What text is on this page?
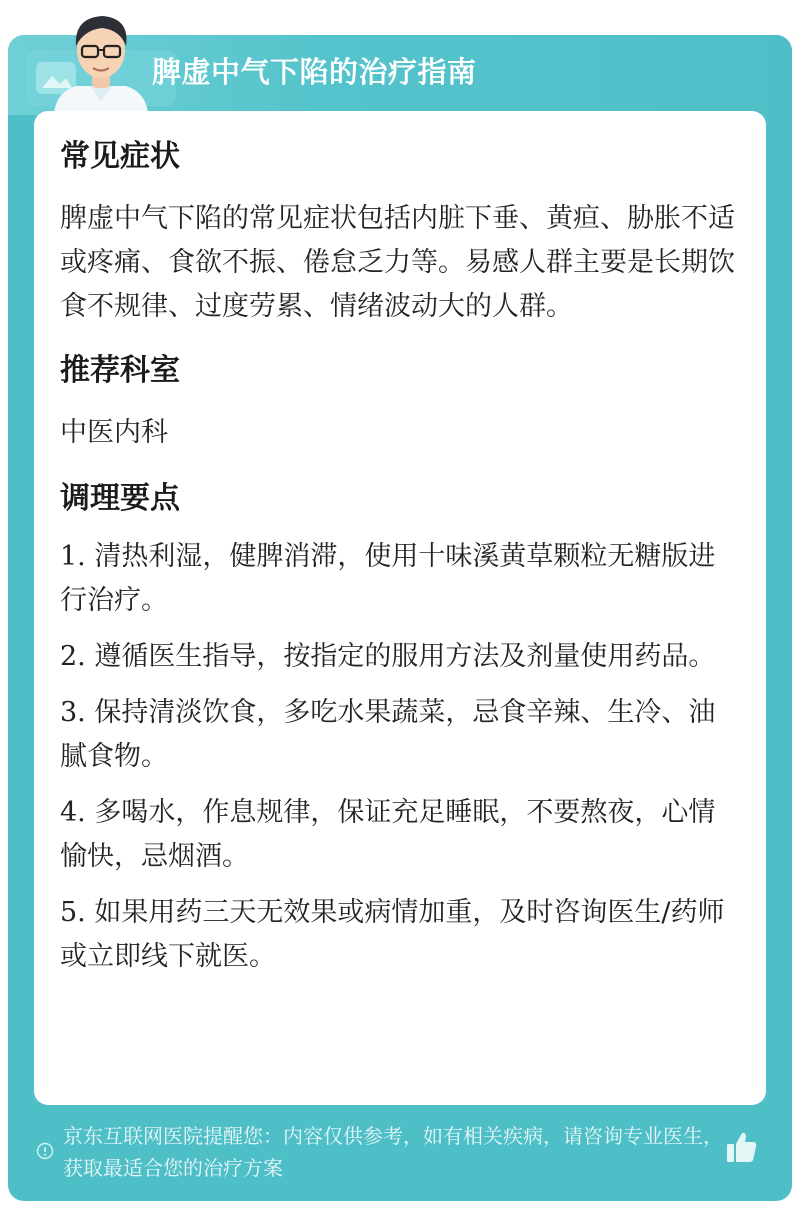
脾虚中气下陷的治疗指南
常见症状

脾虚中气下陷的常见症状包括内脏下垂、黄疸、胁胀不适或疼痛、食欲不振、倦怠乏力等。易感人群主要是长期饮食不规律、过度劳累、情绪波动大的人群。

推荐科室

中医内科

调理要点
1. 清热利湿，健脾消滞，使用十味溪黄草颗粒无糖版进行治疗。
2. 遵循医生指导，按指定的服用方法及剂量使用药品。
3. 保持清淡饮食，多吃水果蔬菜，忌食辛辣、生冷、油腻食物。
4. 多喝水，作息规律，保证充足睡眠，不要熬夜，心情愉快，忌烟酒。
5. 如果用药三天无效果或病情加重，及时咨询医生/药师或立即线下就医。
京东互联网医院提醒您：内容仅供参考，如有相关疾病，请咨询专业医生，获取最适合您的治疗方案
